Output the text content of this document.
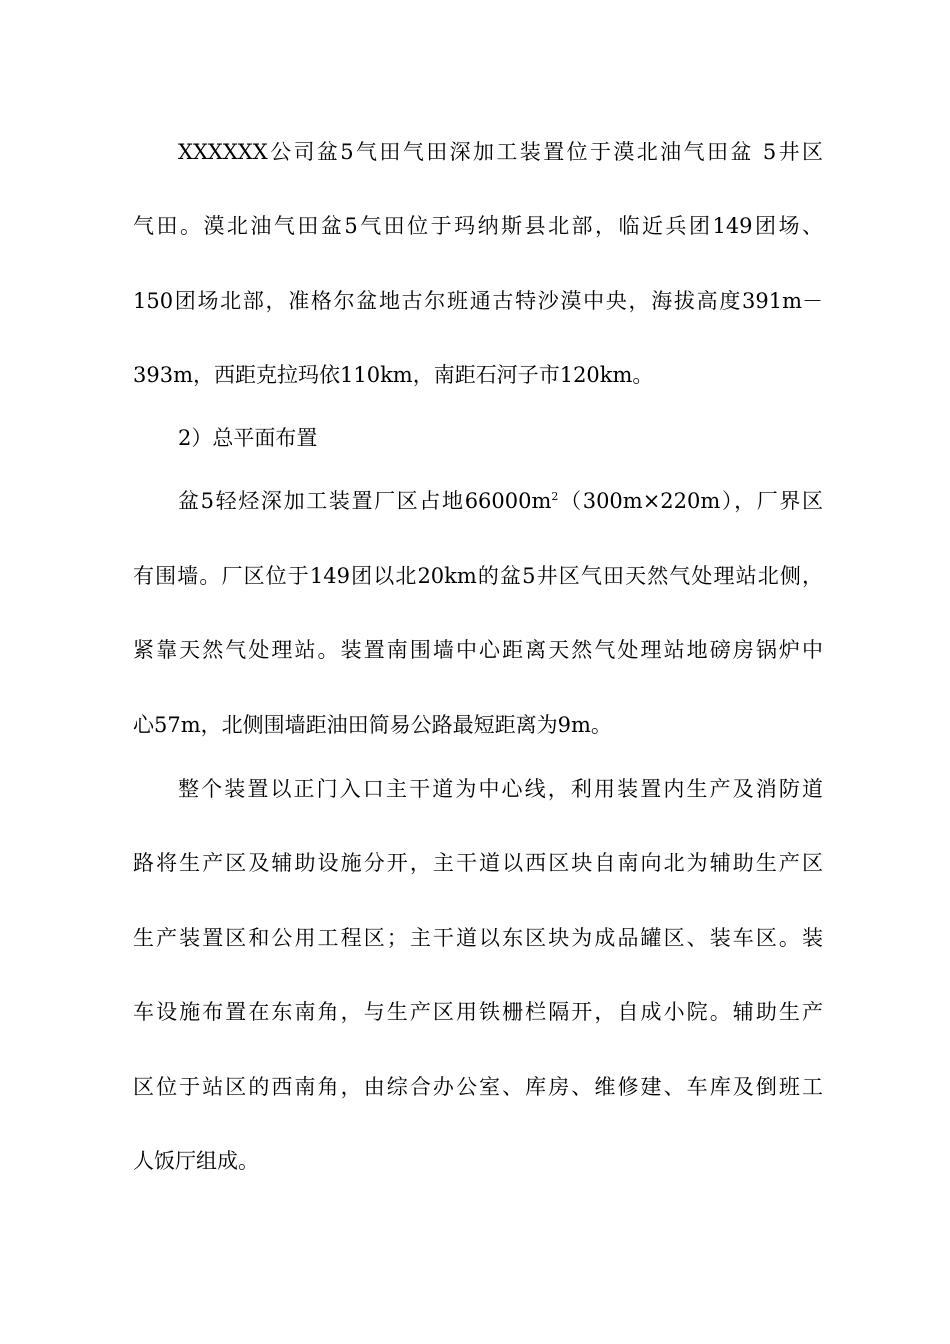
XXXXXX公司盆5气田气田深加工装置位于漠北油气田盆 5井区
气田。漠北油气田盆5气田位于玛纳斯县北部，临近兵团149团场、
150团场北部，准格尔盆地古尔班通古特沙漠中央，海拔高度391m－
393m，西距克拉玛依110km，南距石河子市120km。
2）总平面布置
盆5轻烃深加工装置厂区占地$66000m^2(300m\times 220m)$，厂界区
有围墙。厂区位于149团以北20km的盆5井区气田天然气处理站北侧，
紧靠天然气处理站。装置南围墙中心距离天然气处理站地磅房锅炉中
心57m，北侧围墙距油田简易公路最短距离为9m。
整个装置以正门入口主干道为中心线，利用装置内生产及消防道
路将生产区及辅助设施分开，主干道以西区块自南向北为辅助生产区
生产装置区和公用工程区；主干道以东区块为成品罐区、装车区。装
车设施布置在东南角，与生产区用铁栅栏隔开，自成小院。辅助生产
区位于站区的西南角，由综合办公室、库房、维修建、车库及倒班工
人饭厅组成。
